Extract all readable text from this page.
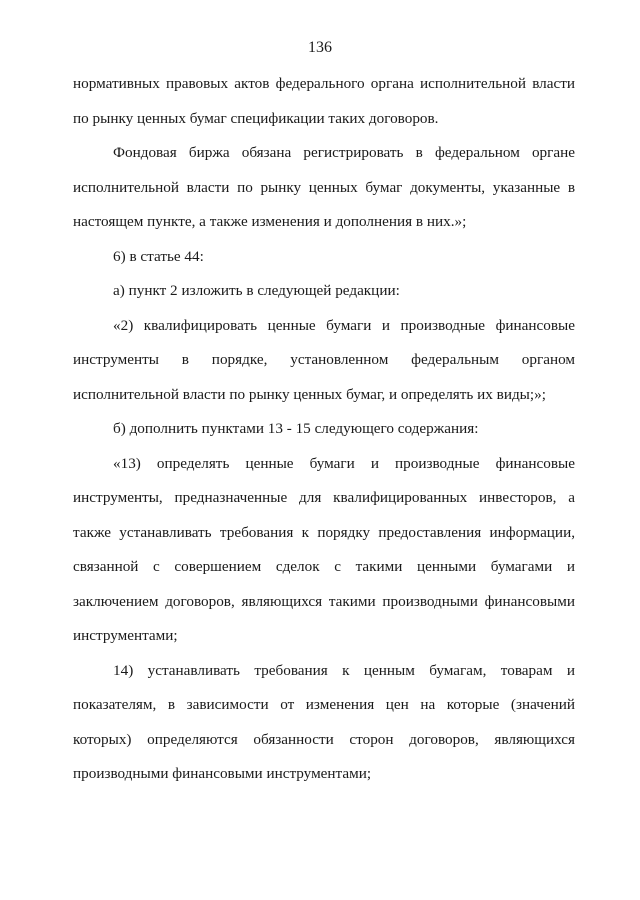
136

нормативных правовых актов федерального органа исполнительной власти по рынку ценных бумаг спецификации таких договоров.

Фондовая биржа обязана регистрировать в федеральном органе исполнительной власти по рынку ценных бумаг документы, указанные в настоящем пункте, а также изменения и дополнения в них.»;

6) в статье 44:

а) пункт 2 изложить в следующей редакции:

«2) квалифицировать ценные бумаги и производные финансовые инструменты в порядке, установленном федеральным органом исполнительной власти по рынку ценных бумаг, и определять их виды;»;

б) дополнить пунктами 13 - 15 следующего содержания:

«13) определять ценные бумаги и производные финансовые инструменты, предназначенные для квалифицированных инвесторов, а также устанавливать требования к порядку предоставления информации, связанной с совершением сделок с такими ценными бумагами и заключением договоров, являющихся такими производными финансовыми инструментами;

14) устанавливать требования к ценным бумагам, товарам и показателям, в зависимости от изменения цен на которые (значений которых) определяются обязанности сторон договоров, являющихся производными финансовыми инструментами;
